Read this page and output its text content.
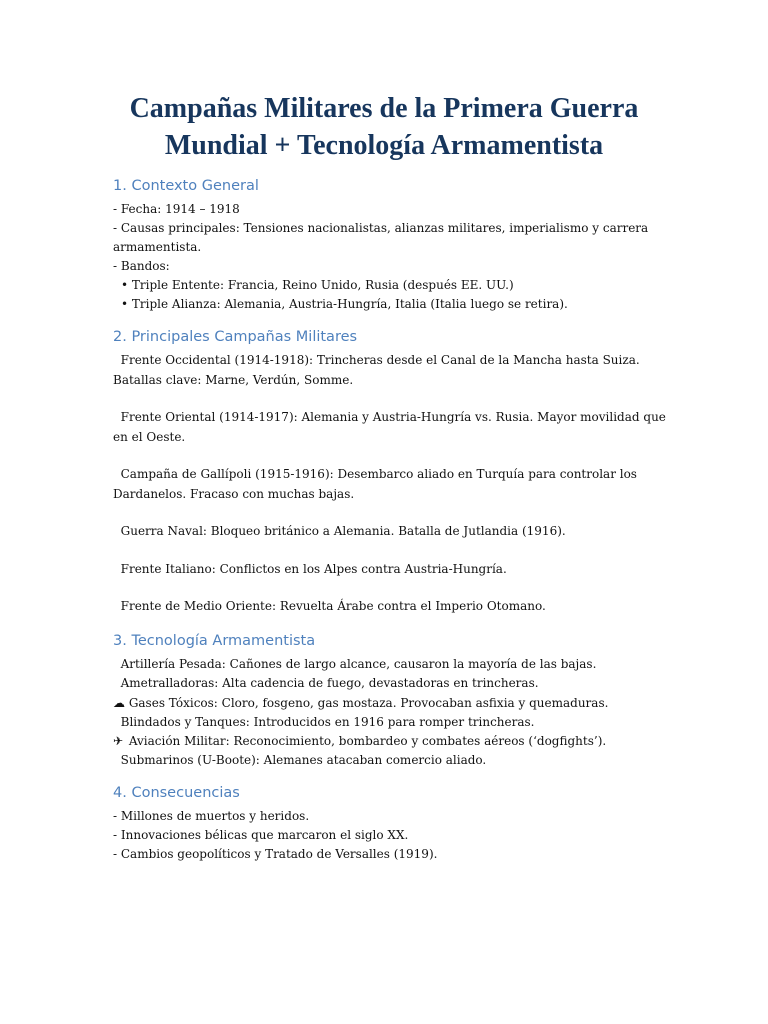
Campañas Militares de la Primera Guerra
Mundial + Tecnología Armamentista
1. Contexto General
- Fecha: 1914 – 1918
- Causas principales: Tensiones nacionalistas, alianzas militares, imperialismo y carrera
armamentista.
- Bandos:
• Triple Entente: Francia, Reino Unido, Rusia (después EE. UU.)
• Triple Alianza: Alemania, Austria-Hungría, Italia (Italia luego se retira).
2. Principales Campañas Militares
Frente Occidental (1914-1918): Trincheras desde el Canal de la Mancha hasta Suiza.
Batallas clave: Marne, Verdún, Somme.
Frente Oriental (1914-1917): Alemania y Austria-Hungría vs. Rusia. Mayor movilidad que
en el Oeste.
Campaña de Gallípoli (1915-1916): Desembarco aliado en Turquía para controlar los
Dardanelos. Fracaso con muchas bajas.
Guerra Naval: Bloqueo británico a Alemania. Batalla de Jutlandia (1916).
Frente Italiano: Conflictos en los Alpes contra Austria-Hungría.
Frente de Medio Oriente: Revuelta Árabe contra el Imperio Otomano.
3. Tecnología Armamentista
Artillería Pesada: Cañones de largo alcance, causaron la mayoría de las bajas.
Ametralladoras: Alta cadencia de fuego, devastadoras en trincheras.
☁ Gases Tóxicos: Cloro, fosgeno, gas mostaza. Provocaban asfixia y quemaduras.
Blindados y Tanques: Introducidos en 1916 para romper trincheras.
✈ Aviación Militar: Reconocimiento, bombardeo y combates aéreos (‘dogfights’).
Submarinos (U-Boote): Alemanes atacaban comercio aliado.
4. Consecuencias
- Millones de muertos y heridos.
- Innovaciones bélicas que marcaron el siglo XX.
- Cambios geopolíticos y Tratado de Versalles (1919).
